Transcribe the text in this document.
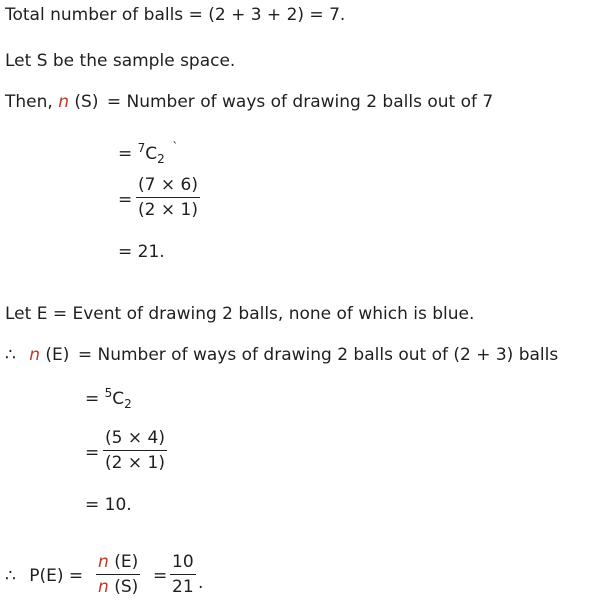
Total number of balls = (2 + 3 + 2) = 7.
Let S be the sample space.
Then, n (S) = Number of ways of drawing 2 balls out of 7
= $^7C_2$ `
=
(7 × 6)
(2 × 1)
= 21.
Let E = Event of drawing 2 balls, none of which is blue.
∴ n (E) = Number of ways of drawing 2 balls out of (2 + 3) balls
= $^5C_2$
=
(5 × 4)
(2 × 1)
= 10.
∴ P(E) =
n (E)
n (S)
=
10
21 .
